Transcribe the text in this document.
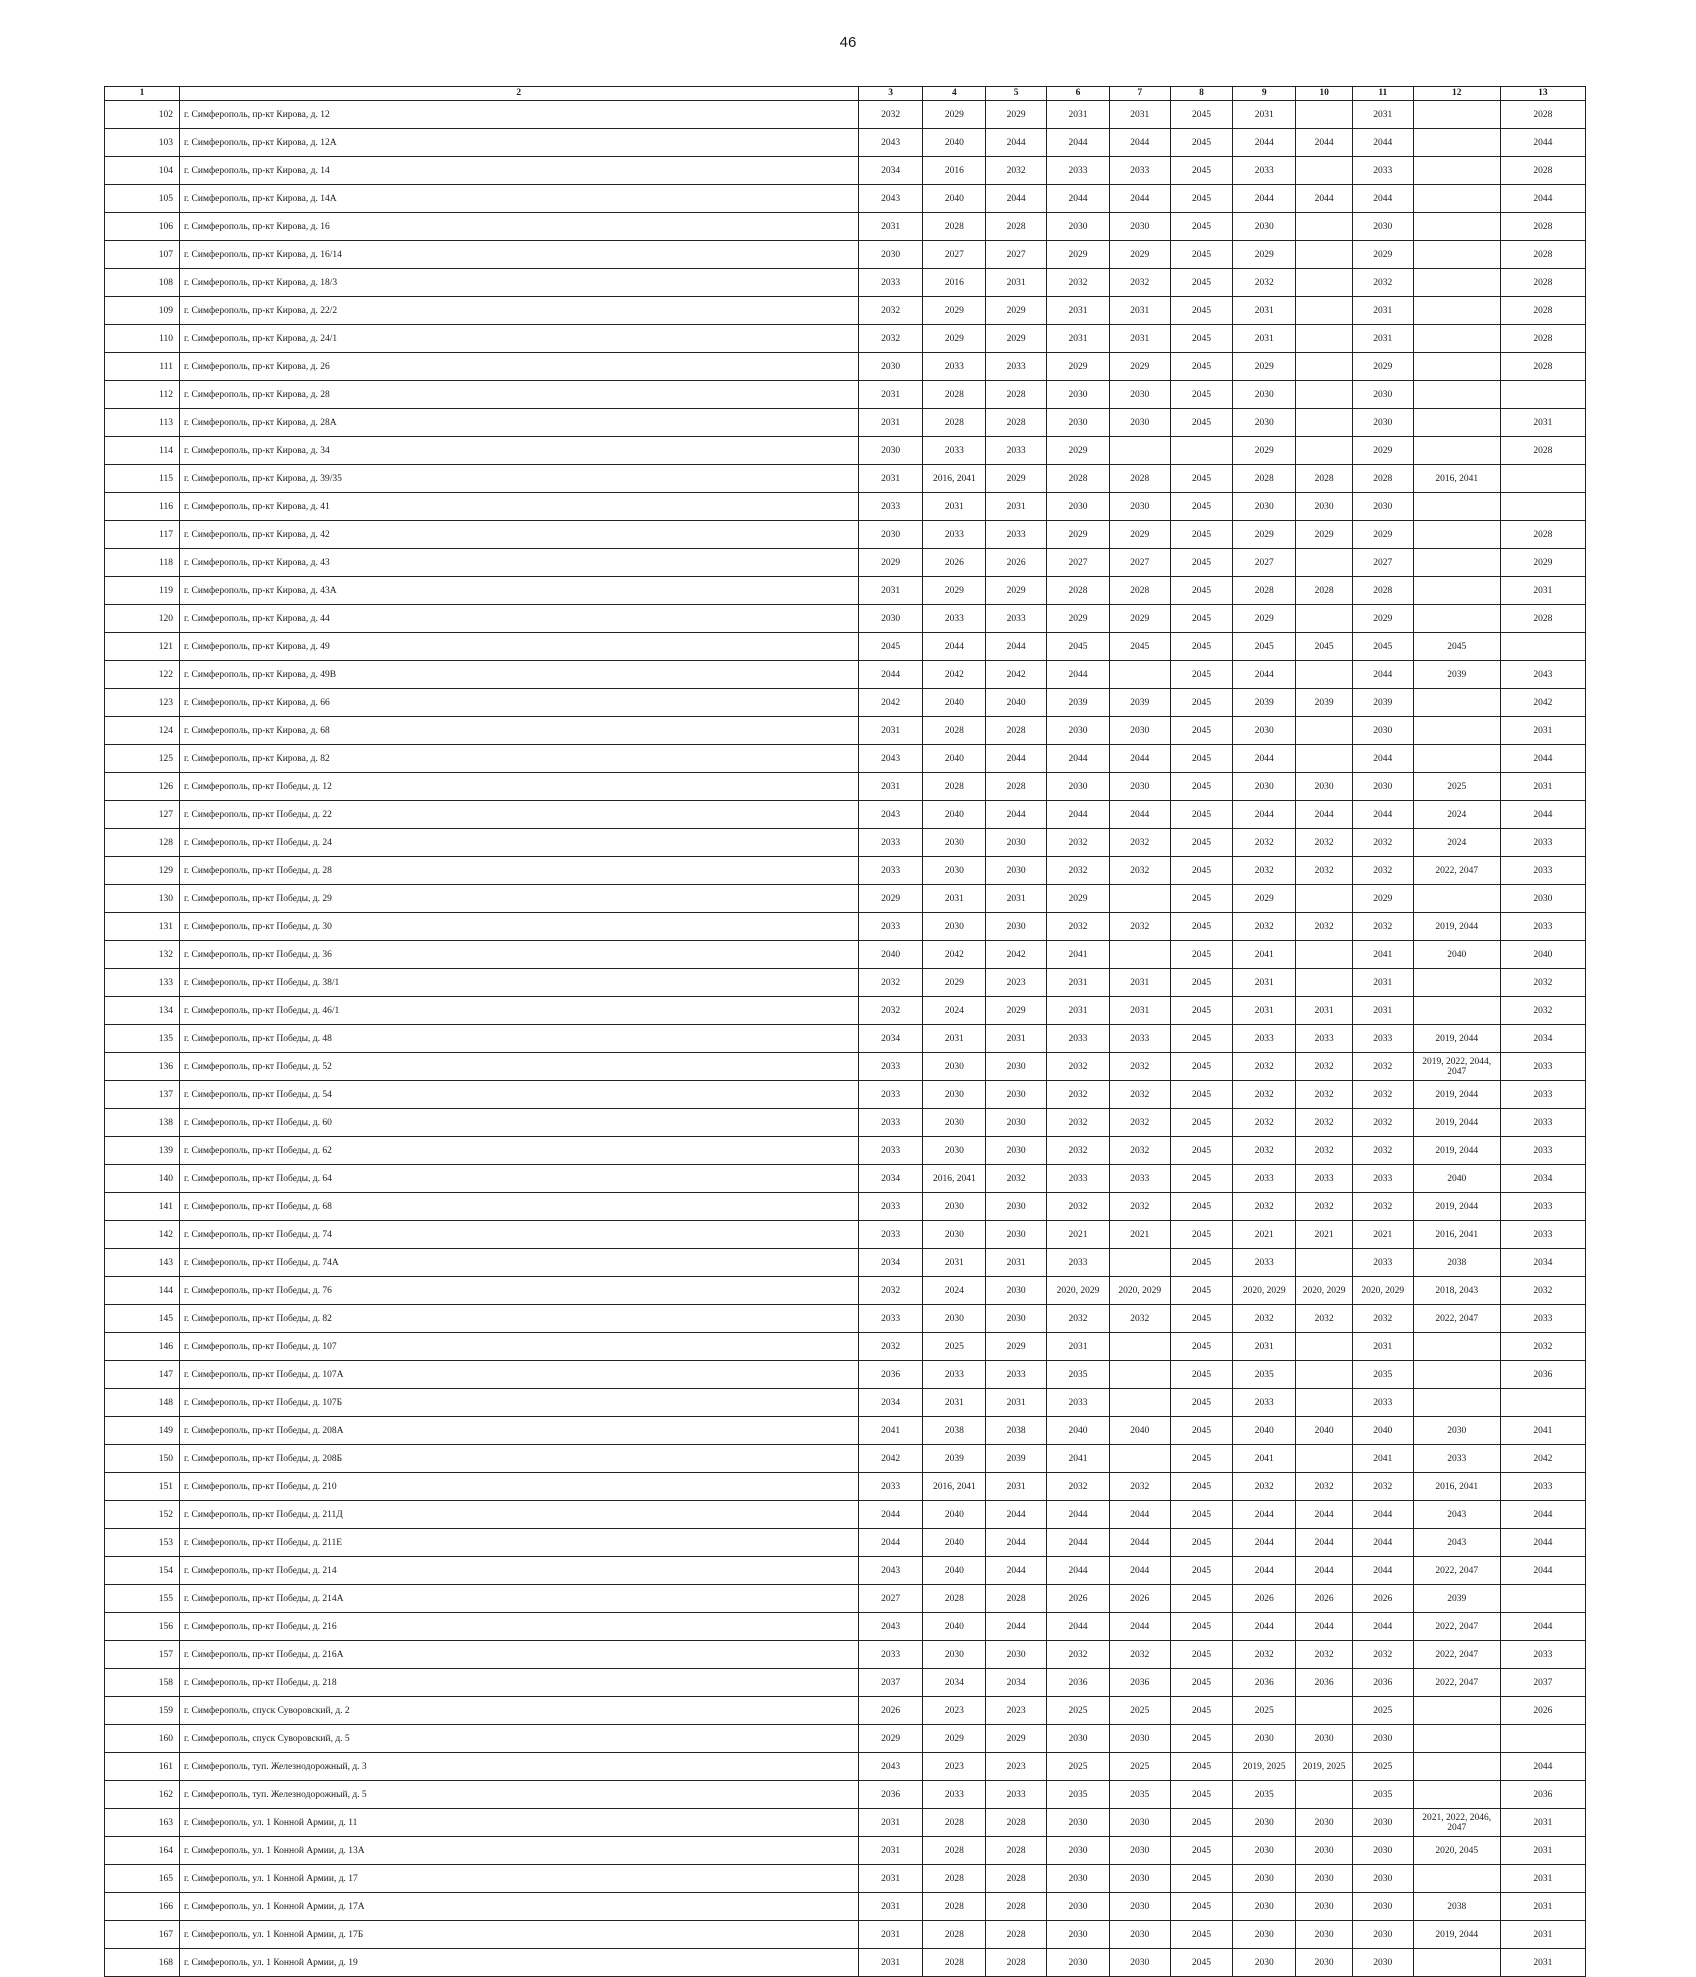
46
1	2	3	4	5	6	7	8	9	10	11	12	13
102	г. Симферополь, пр-кт Кирова, д. 12	2032	2029	2029	2031	2031	2045	2031		2031		2028
103	г. Симферополь, пр-кт Кирова, д. 12А	2043	2040	2044	2044	2044	2045	2044	2044	2044		2044
104	г. Симферополь, пр-кт Кирова, д. 14	2034	2016	2032	2033	2033	2045	2033		2033		2028
105	г. Симферополь, пр-кт Кирова, д. 14А	2043	2040	2044	2044	2044	2045	2044	2044	2044		2044
106	г. Симферополь, пр-кт Кирова, д. 16	2031	2028	2028	2030	2030	2045	2030		2030		2028
107	г. Симферополь, пр-кт Кирова, д. 16/14	2030	2027	2027	2029	2029	2045	2029		2029		2028
108	г. Симферополь, пр-кт Кирова, д. 18/3	2033	2016	2031	2032	2032	2045	2032		2032		2028
109	г. Симферополь, пр-кт Кирова, д. 22/2	2032	2029	2029	2031	2031	2045	2031		2031		2028
110	г. Симферополь, пр-кт Кирова, д. 24/1	2032	2029	2029	2031	2031	2045	2031		2031		2028
111	г. Симферополь, пр-кт Кирова, д. 26	2030	2033	2033	2029	2029	2045	2029		2029		2028
112	г. Симферополь, пр-кт Кирова, д. 28	2031	2028	2028	2030	2030	2045	2030		2030		
113	г. Симферополь, пр-кт Кирова, д. 28А	2031	2028	2028	2030	2030	2045	2030		2030		2031
114	г. Симферополь, пр-кт Кирова, д. 34	2030	2033	2033	2029			2029		2029		2028
115	г. Симферополь, пр-кт Кирова, д. 39/35	2031	2016, 2041	2029	2028	2028	2045	2028	2028	2028	2016, 2041	
116	г. Симферополь, пр-кт Кирова, д. 41	2033	2031	2031	2030	2030	2045	2030	2030	2030		
117	г. Симферополь, пр-кт Кирова, д. 42	2030	2033	2033	2029	2029	2045	2029	2029	2029		2028
118	г. Симферополь, пр-кт Кирова, д. 43	2029	2026	2026	2027	2027	2045	2027		2027		2029
119	г. Симферополь, пр-кт Кирова, д. 43А	2031	2029	2029	2028	2028	2045	2028	2028	2028		2031
120	г. Симферополь, пр-кт Кирова, д. 44	2030	2033	2033	2029	2029	2045	2029		2029		2028
121	г. Симферополь, пр-кт Кирова, д. 49	2045	2044	2044	2045	2045	2045	2045	2045	2045	2045	
122	г. Симферополь, пр-кт Кирова, д. 49В	2044	2042	2042	2044		2045	2044		2044	2039	2043
123	г. Симферополь, пр-кт Кирова, д. 66	2042	2040	2040	2039	2039	2045	2039	2039	2039		2042
124	г. Симферополь, пр-кт Кирова, д. 68	2031	2028	2028	2030	2030	2045	2030		2030		2031
125	г. Симферополь, пр-кт Кирова, д. 82	2043	2040	2044	2044	2044	2045	2044		2044		2044
126	г. Симферополь, пр-кт Победы, д. 12	2031	2028	2028	2030	2030	2045	2030	2030	2030	2025	2031
127	г. Симферополь, пр-кт Победы, д. 22	2043	2040	2044	2044	2044	2045	2044	2044	2044	2024	2044
128	г. Симферополь, пр-кт Победы, д. 24	2033	2030	2030	2032	2032	2045	2032	2032	2032	2024	2033
129	г. Симферополь, пр-кт Победы, д. 28	2033	2030	2030	2032	2032	2045	2032	2032	2032	2022, 2047	2033
130	г. Симферополь, пр-кт Победы, д. 29	2029	2031	2031	2029		2045	2029		2029		2030
131	г. Симферополь, пр-кт Победы, д. 30	2033	2030	2030	2032	2032	2045	2032	2032	2032	2019, 2044	2033
132	г. Симферополь, пр-кт Победы, д. 36	2040	2042	2042	2041		2045	2041		2041	2040	2040
133	г. Симферополь, пр-кт Победы, д. 38/1	2032	2029	2023	2031	2031	2045	2031		2031		2032
134	г. Симферополь, пр-кт Победы, д. 46/1	2032	2024	2029	2031	2031	2045	2031	2031	2031		2032
135	г. Симферополь, пр-кт Победы, д. 48	2034	2031	2031	2033	2033	2045	2033	2033	2033	2019, 2044	2034
136	г. Симферополь, пр-кт Победы, д. 52	2033	2030	2030	2032	2032	2045	2032	2032	2032	2019, 2022, 2044, 2047	2033
137	г. Симферополь, пр-кт Победы, д. 54	2033	2030	2030	2032	2032	2045	2032	2032	2032	2019, 2044	2033
138	г. Симферополь, пр-кт Победы, д. 60	2033	2030	2030	2032	2032	2045	2032	2032	2032	2019, 2044	2033
139	г. Симферополь, пр-кт Победы, д. 62	2033	2030	2030	2032	2032	2045	2032	2032	2032	2019, 2044	2033
140	г. Симферополь, пр-кт Победы, д. 64	2034	2016, 2041	2032	2033	2033	2045	2033	2033	2033	2040	2034
141	г. Симферополь, пр-кт Победы, д. 68	2033	2030	2030	2032	2032	2045	2032	2032	2032	2019, 2044	2033
142	г. Симферополь, пр-кт Победы, д. 74	2033	2030	2030	2021	2021	2045	2021	2021	2021	2016, 2041	2033
143	г. Симферополь, пр-кт Победы, д. 74А	2034	2031	2031	2033		2045	2033		2033	2038	2034
144	г. Симферополь, пр-кт Победы, д. 76	2032	2024	2030	2020, 2029	2020, 2029	2045	2020, 2029	2020, 2029	2020, 2029	2018, 2043	2032
145	г. Симферополь, пр-кт Победы, д. 82	2033	2030	2030	2032	2032	2045	2032	2032	2032	2022, 2047	2033
146	г. Симферополь, пр-кт Победы, д. 107	2032	2025	2029	2031		2045	2031		2031		2032
147	г. Симферополь, пр-кт Победы, д. 107А	2036	2033	2033	2035		2045	2035		2035		2036
148	г. Симферополь, пр-кт Победы, д. 107Б	2034	2031	2031	2033		2045	2033		2033		
149	г. Симферополь, пр-кт Победы, д. 208А	2041	2038	2038	2040	2040	2045	2040	2040	2040	2030	2041
150	г. Симферополь, пр-кт Победы, д. 208Б	2042	2039	2039	2041		2045	2041		2041	2033	2042
151	г. Симферополь, пр-кт Победы, д. 210	2033	2016, 2041	2031	2032	2032	2045	2032	2032	2032	2016, 2041	2033
152	г. Симферополь, пр-кт Победы, д. 211Д	2044	2040	2044	2044	2044	2045	2044	2044	2044	2043	2044
153	г. Симферополь, пр-кт Победы, д. 211Е	2044	2040	2044	2044	2044	2045	2044	2044	2044	2043	2044
154	г. Симферополь, пр-кт Победы, д. 214	2043	2040	2044	2044	2044	2045	2044	2044	2044	2022, 2047	2044
155	г. Симферополь, пр-кт Победы, д. 214А	2027	2028	2028	2026	2026	2045	2026	2026	2026	2039	
156	г. Симферополь, пр-кт Победы, д. 216	2043	2040	2044	2044	2044	2045	2044	2044	2044	2022, 2047	2044
157	г. Симферополь, пр-кт Победы, д. 216А	2033	2030	2030	2032	2032	2045	2032	2032	2032	2022, 2047	2033
158	г. Симферополь, пр-кт Победы, д. 218	2037	2034	2034	2036	2036	2045	2036	2036	2036	2022, 2047	2037
159	г. Симферополь, спуск Суворовский, д. 2	2026	2023	2023	2025	2025	2045	2025		2025		2026
160	г. Симферополь, спуск Суворовский, д. 5	2029	2029	2029	2030	2030	2045	2030	2030	2030		
161	г. Симферополь, туп. Железнодорожный, д. 3	2043	2023	2023	2025	2025	2045	2019, 2025	2019, 2025	2025		2044
162	г. Симферополь, туп. Железнодорожный, д. 5	2036	2033	2033	2035	2035	2045	2035		2035		2036
163	г. Симферополь, ул. 1 Конной Армии, д. 11	2031	2028	2028	2030	2030	2045	2030	2030	2030	2021, 2022, 2046, 2047	2031
164	г. Симферополь, ул. 1 Конной Армии, д. 13А	2031	2028	2028	2030	2030	2045	2030	2030	2030	2020, 2045	2031
165	г. Симферополь, ул. 1 Конной Армии, д. 17	2031	2028	2028	2030	2030	2045	2030	2030	2030		2031
166	г. Симферополь, ул. 1 Конной Армии, д. 17А	2031	2028	2028	2030	2030	2045	2030	2030	2030	2038	2031
167	г. Симферополь, ул. 1 Конной Армии, д. 17Б	2031	2028	2028	2030	2030	2045	2030	2030	2030	2019, 2044	2031
168	г. Симферополь, ул. 1 Конной Армии, д. 19	2031	2028	2028	2030	2030	2045	2030	2030	2030		2031
